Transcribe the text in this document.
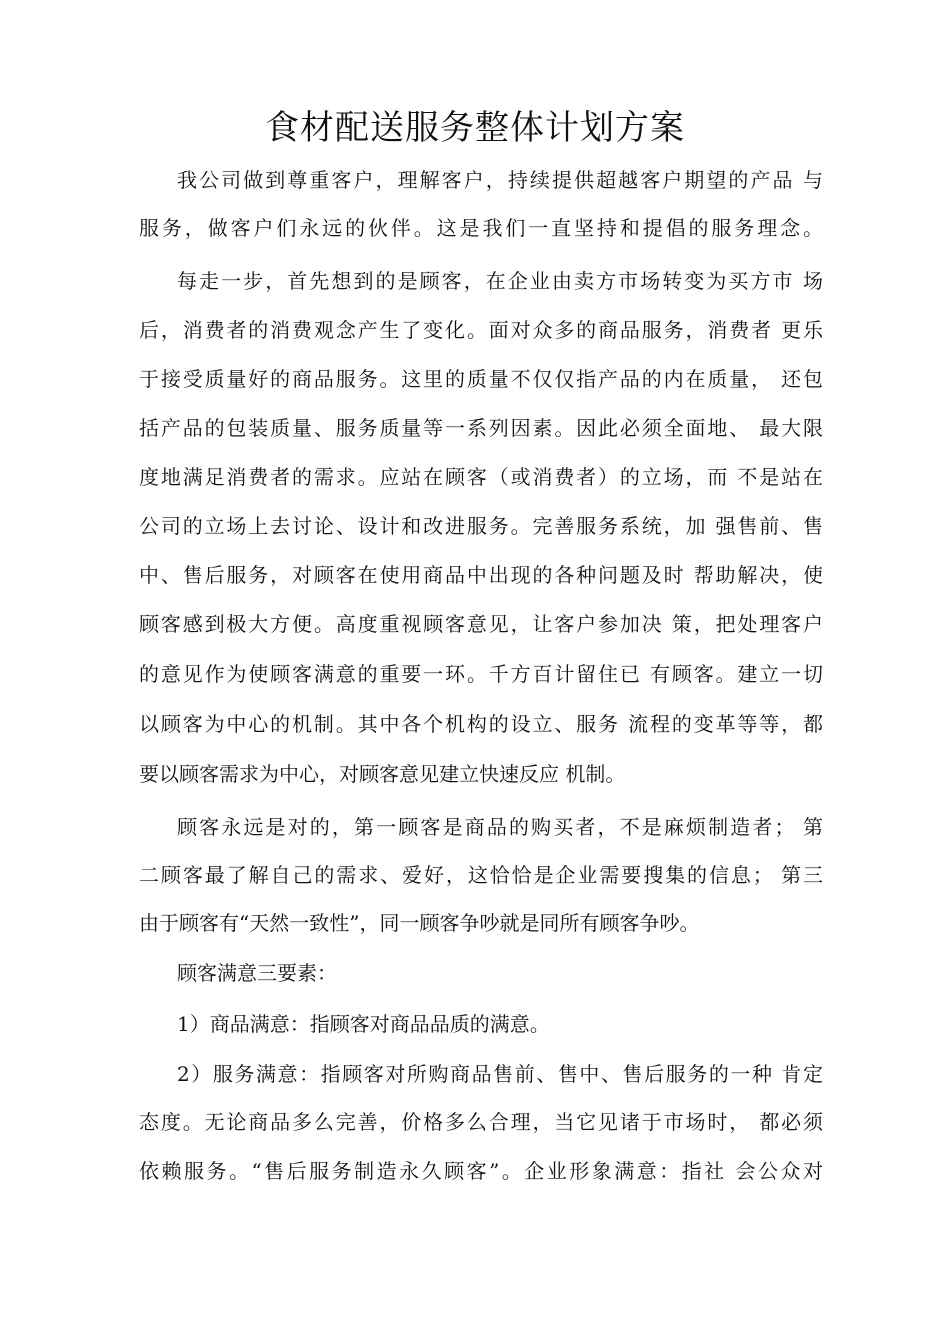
食材配送服务整体计划方案
我公司做到尊重客户，理解客户，持续提供超越客户期望的产品 与
服务，做客户们永远的伙伴。这是我们一直坚持和提倡的服务理念。
每走一步，首先想到的是顾客，在企业由卖方市场转变为买方市 场
后，消费者的消费观念产生了变化。面对众多的商品服务，消费者 更乐
于接受质量好的商品服务。这里的质量不仅仅指产品的内在质量， 还包
括产品的包装质量、服务质量等一系列因素。因此必须全面地、 最大限
度地满足消费者的需求。应站在顾客（或消费者）的立场，而 不是站在
公司的立场上去讨论、设计和改进服务。完善服务系统，加 强售前、售
中、售后服务，对顾客在使用商品中出现的各种问题及时 帮助解决，使
顾客感到极大方便。高度重视顾客意见，让客户参加决 策，把处理客户
的意见作为使顾客满意的重要一环。千方百计留住已 有顾客。建立一切
以顾客为中心的机制。其中各个机构的设立、服务 流程的变革等等，都
要以顾客需求为中心，对顾客意见建立快速反应 机制。
顾客永远是对的，第一顾客是商品的购买者，不是麻烦制造者； 第
二顾客最了解自己的需求、爱好，这恰恰是企业需要搜集的信息； 第三
由于顾客有“天然一致性”，同一顾客争吵就是同所有顾客争吵。
顾客满意三要素：
1）商品满意：指顾客对商品品质的满意。
2）服务满意：指顾客对所购商品售前、售中、售后服务的一种 肯定
态度。无论商品多么完善，价格多么合理，当它见诸于市场时， 都必须
依赖服务。“售后服务制造永久顾客”。企业形象满意：指社 会公众对
